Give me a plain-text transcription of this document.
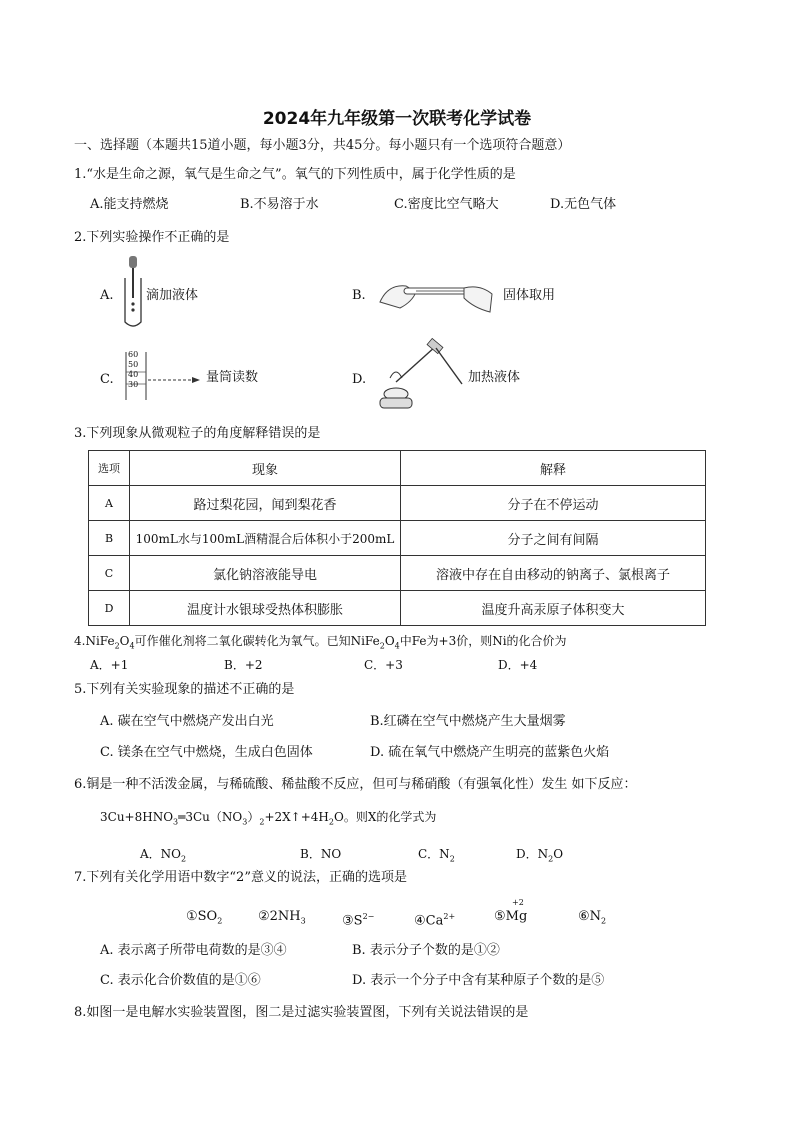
2024年九年级第一次联考化学试卷
一、选择题（本题共15道小题，每小题3分，共45分。每小题只有一个选项符合题意）
1.“水是生命之源，氧气是生命之气”。氧气的下列性质中，属于化学性质的是
A.能支持燃烧	B.不易溶于水	C.密度比空气略大	D.无色气体
2.下列实验操作不正确的是
A. 滴加液体	B.	固体取用
C.
60
50
40
30	量筒读数	D.	加热液体
3.下列现象从微观粒子的角度解释错误的是
选项	现象	解释
A	路过梨花园，闻到梨花香	分子在不停运动
B	100mL水与100mL酒精混合后体积小于200mL	分子之间有间隔
C	氯化钠溶液能导电	溶液中存在自由移动的钠离子、氯根离子
D	温度计水银球受热体积膨胀	温度升高汞原子体积变大
$4.NiFe_2O_4$可作催化剂将二氧化碳转化为氧气。已知$NiFe_2O_4$中Fe为+3价，则Ni的化合价为
A．+1	B．+2	C．+3	D．+4
5.下列有关实验现象的描述不正确的是
A. 碳在空气中燃烧产发出白光	B.红磷在空气中燃烧产生大量烟雾
C. 镁条在空气中燃烧，生成白色固体	D. 硫在氧气中燃烧产生明亮的蓝紫色火焰
6.铜是一种不活泼金属，与稀硫酸、稀盐酸不反应，但可与稀硝酸（有强氧化性）发生 如下反应：
$3Cu+8HNO_3═3Cu(NO_3)_2+2X↑+4H_2O$。则X的化学式为
A．$NO_2$	B．NO	C．$N_2$	D．$N_2O$
7.下列有关化学用语中数字“2”意义的说法，正确的选项是
$①SO_2$	$②2NH_3$	$③S^{2-}$	$④Ca^{2+}$
+2
⑤Mg	$⑥N_2$
A. 表示离子所带电荷数的是③④	B. 表示分子个数的是①②
C. 表示化合价数值的是①⑥	D. 表示一个分子中含有某种原子个数的是⑤
8.如图一是电解水实验装置图，图二是过滤实验装置图，下列有关说法错误的是
